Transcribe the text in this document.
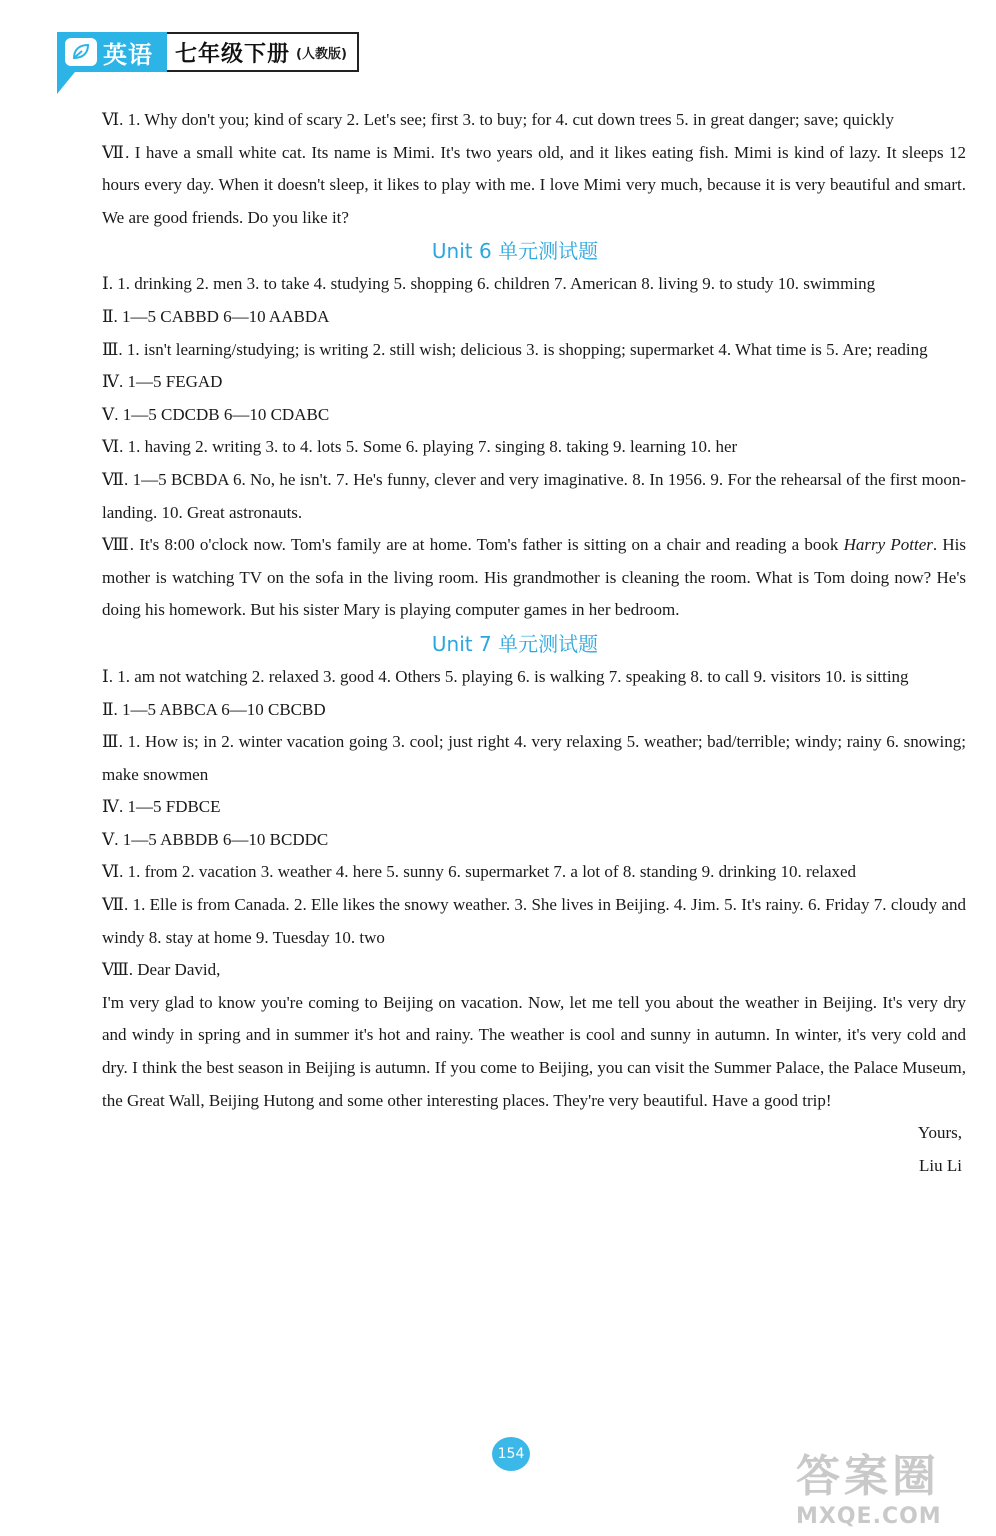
英语 七年级下册 (人教版)

Ⅵ. 1. Why don't you; kind of scary 2. Let's see; first 3. to buy; for 4. cut down trees 5. in great danger; save; quickly

Ⅶ. I have a small white cat. Its name is Mimi. It's two years old, and it likes eating fish. Mimi is kind of lazy. It sleeps 12 hours every day. When it doesn't sleep, it likes to play with me. I love Mimi very much, because it is very beautiful and smart. We are good friends. Do you like it?

Unit 6 单元测试题

Ⅰ. 1. drinking 2. men 3. to take 4. studying 5. shopping 6. children 7. American 8. living 9. to study 10. swimming

Ⅱ. 1—5 CABBD 6—10 AABDA

Ⅲ. 1. isn't learning/studying; is writing 2. still wish; delicious 3. is shopping; supermarket 4. What time is 5. Are; reading

Ⅳ. 1—5 FEGAD

Ⅴ. 1—5 CDCDB 6—10 CDABC

Ⅵ. 1. having 2. writing 3. to 4. lots 5. Some 6. playing 7. singing 8. taking 9. learning 10. her

Ⅶ. 1—5 BCBDA 6. No, he isn't. 7. He's funny, clever and very imaginative. 8. In 1956. 9. For the rehearsal of the first moon-landing. 10. Great astronauts.

Ⅷ. It's 8:00 o'clock now. Tom's family are at home. Tom's father is sitting on a chair and reading a book Harry Potter. His mother is watching TV on the sofa in the living room. His grandmother is cleaning the room. What is Tom doing now? He's doing his homework. But his sister Mary is playing computer games in her bedroom.

Unit 7 单元测试题

Ⅰ. 1. am not watching 2. relaxed 3. good 4. Others 5. playing 6. is walking 7. speaking 8. to call 9. visitors 10. is sitting

Ⅱ. 1—5 ABBCA 6—10 CBCBD

Ⅲ. 1. How is; in 2. winter vacation going 3. cool; just right 4. very relaxing 5. weather; bad/terrible; windy; rainy 6. snowing; make snowmen

Ⅳ. 1—5 FDBCE

Ⅴ. 1—5 ABBDB 6—10 BCDDC

Ⅵ. 1. from 2. vacation 3. weather 4. here 5. sunny 6. supermarket 7. a lot of 8. standing 9. drinking 10. relaxed

Ⅶ. 1. Elle is from Canada. 2. Elle likes the snowy weather. 3. She lives in Beijing. 4. Jim. 5. It's rainy. 6. Friday 7. cloudy and windy 8. stay at home 9. Tuesday 10. two

Ⅷ. Dear David,

I'm very glad to know you're coming to Beijing on vacation. Now, let me tell you about the weather in Beijing. It's very dry and windy in spring and in summer it's hot and rainy. The weather is cool and sunny in autumn. In winter, it's very cold and dry. I think the best season in Beijing is autumn. If you come to Beijing, you can visit the Summer Palace, the Palace Museum, the Great Wall, Beijing Hutong and some other interesting places. They're very beautiful. Have a good trip!

Yours,

Liu Li

154	答案圈
MXQE.COM
